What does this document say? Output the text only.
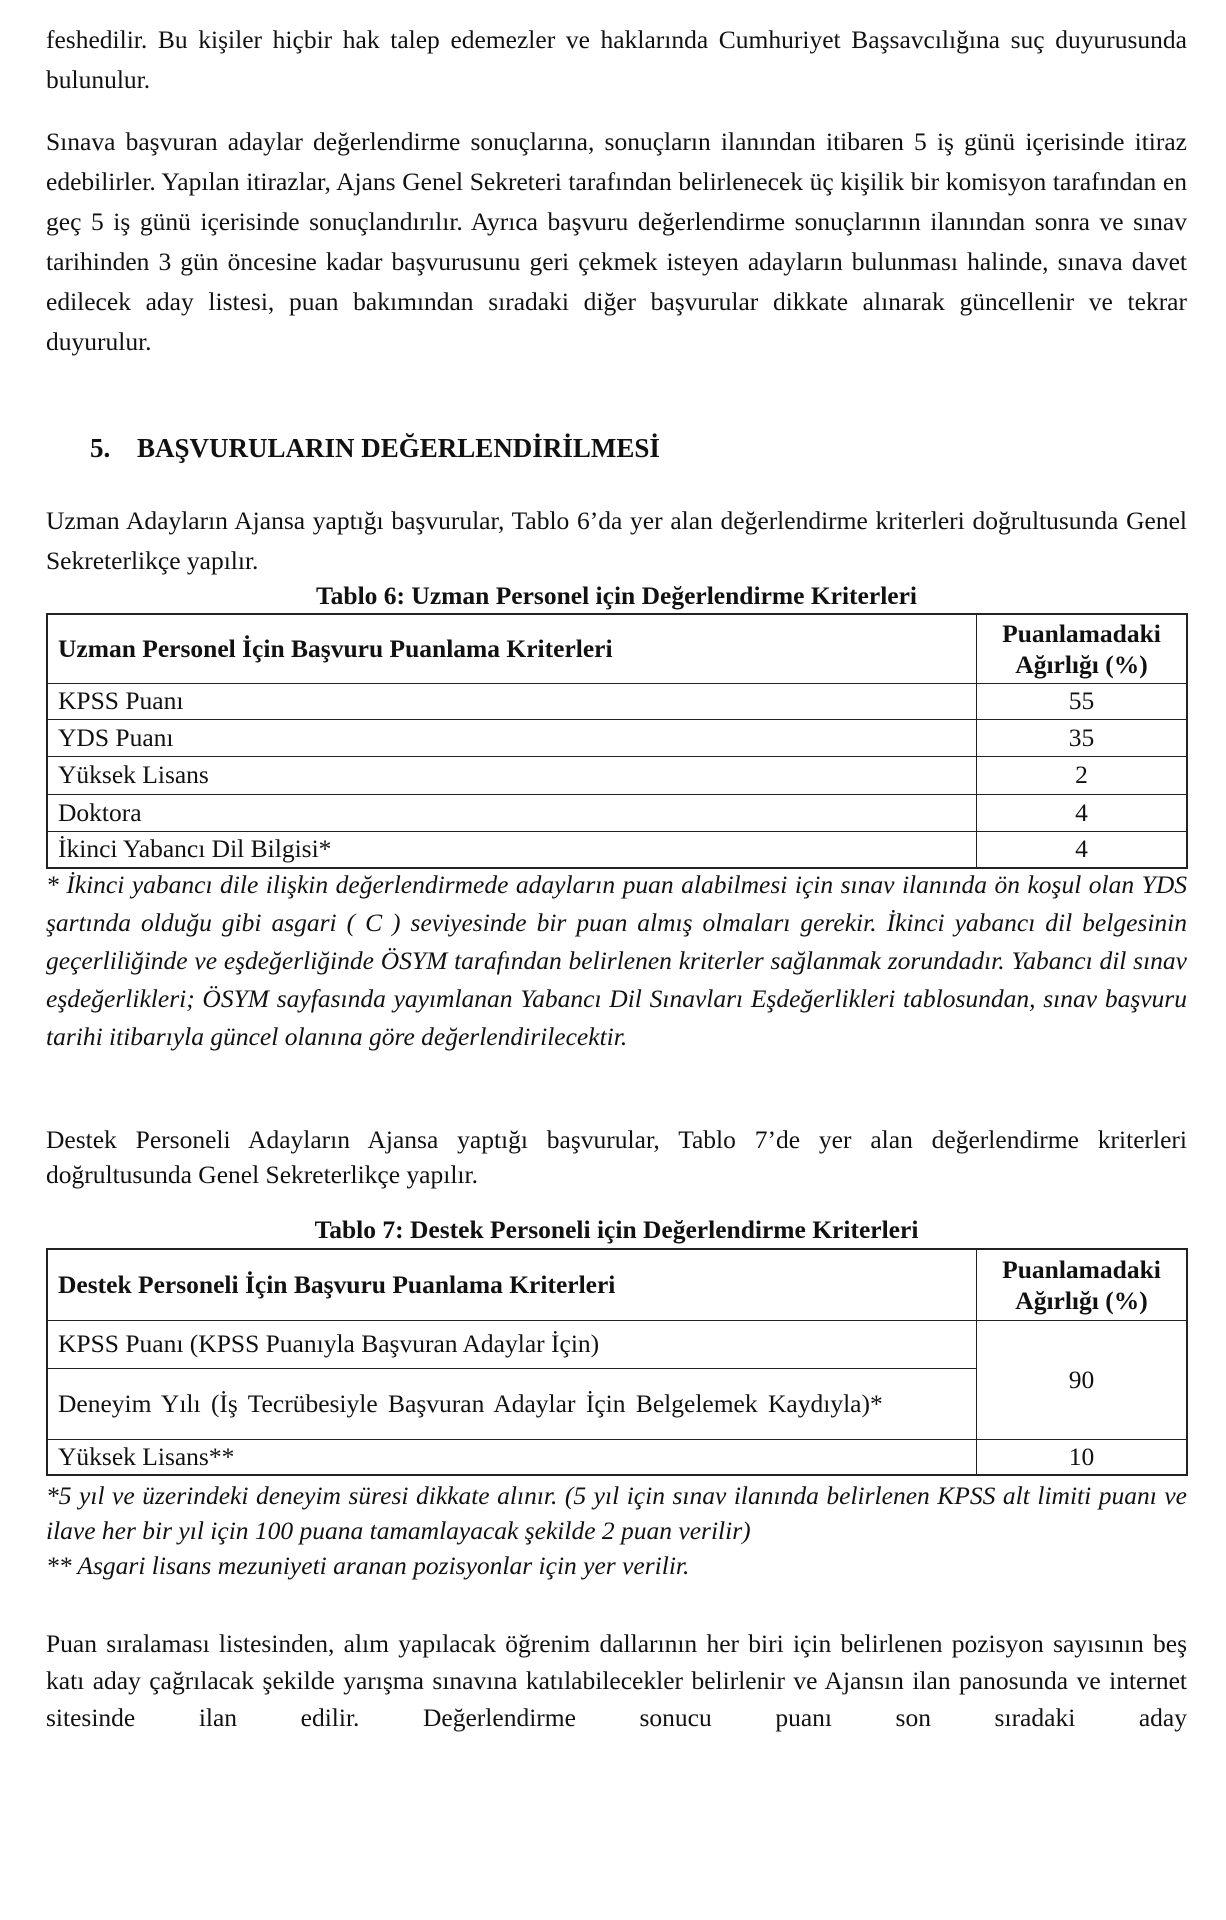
feshedilir. Bu kişiler hiçbir hak talep edemezler ve haklarında Cumhuriyet Başsavcılığına suç duyurusunda bulunulur.

Sınava başvuran adaylar değerlendirme sonuçlarına, sonuçların ilanından itibaren 5 iş günü içerisinde itiraz edebilirler. Yapılan itirazlar, Ajans Genel Sekreteri tarafından belirlenecek üç kişilik bir komisyon tarafından en geç 5 iş günü içerisinde sonuçlandırılır. Ayrıca başvuru değerlendirme sonuçlarının ilanından sonra ve sınav tarihinden 3 gün öncesine kadar başvurusunu geri çekmek isteyen adayların bulunması halinde, sınava davet edilecek aday listesi, puan bakımından sıradaki diğer başvurular dikkate alınarak güncellenir ve tekrar duyurulur.

5. BAŞVURULARIN DEĞERLENDİRİLMESİ

Uzman Adayların Ajansa yaptığı başvurular, Tablo 6’da yer alan değerlendirme kriterleri doğrultusunda Genel Sekreterlikçe yapılır.

Tablo 6: Uzman Personel için Değerlendirme Kriterleri
Uzman Personel İçin Başvuru Puanlama Kriterleri	Puanlamadaki Ağırlığı (%)
KPSS Puanı	55
YDS Puanı	35
Yüksek Lisans	2
Doktora	4
İkinci Yabancı Dil Bilgisi*	4

* İkinci yabancı dile ilişkin değerlendirmede adayların puan alabilmesi için sınav ilanında ön koşul olan YDS şartında olduğu gibi asgari ( C ) seviyesinde bir puan almış olmaları gerekir. İkinci yabancı dil belgesinin geçerliliğinde ve eşdeğerliğinde ÖSYM tarafından belirlenen kriterler sağlanmak zorundadır. Yabancı dil sınav eşdeğerlikleri; ÖSYM sayfasında yayımlanan Yabancı Dil Sınavları Eşdeğerlikleri tablosundan, sınav başvuru tarihi itibarıyla güncel olanına göre değerlendirilecektir.

Destek Personeli Adayların Ajansa yaptığı başvurular, Tablo 7’de yer alan değerlendirme kriterleri doğrultusunda Genel Sekreterlikçe yapılır.

Tablo 7: Destek Personeli için Değerlendirme Kriterleri
Destek Personeli İçin Başvuru Puanlama Kriterleri	Puanlamadaki Ağırlığı (%)
KPSS Puanı (KPSS Puanıyla Başvuran Adaylar İçin)	90
Deneyim Yılı (İş Tecrübesiyle Başvuran Adaylar İçin Belgelemek Kaydıyla)*	
Yüksek Lisans**	10

*5 yıl ve üzerindeki deneyim süresi dikkate alınır. (5 yıl için sınav ilanında belirlenen KPSS alt limiti puanı ve ilave her bir yıl için 100 puana tamamlayacak şekilde 2 puan verilir)

** Asgari lisans mezuniyeti aranan pozisyonlar için yer verilir.

Puan sıralaması listesinden, alım yapılacak öğrenim dallarının her biri için belirlenen pozisyon sayısının beş katı aday çağrılacak şekilde yarışma sınavına katılabilecekler belirlenir ve Ajansın ilan panosunda ve internet sitesinde ilan edilir. Değerlendirme sonucu puanı son sıradaki aday
